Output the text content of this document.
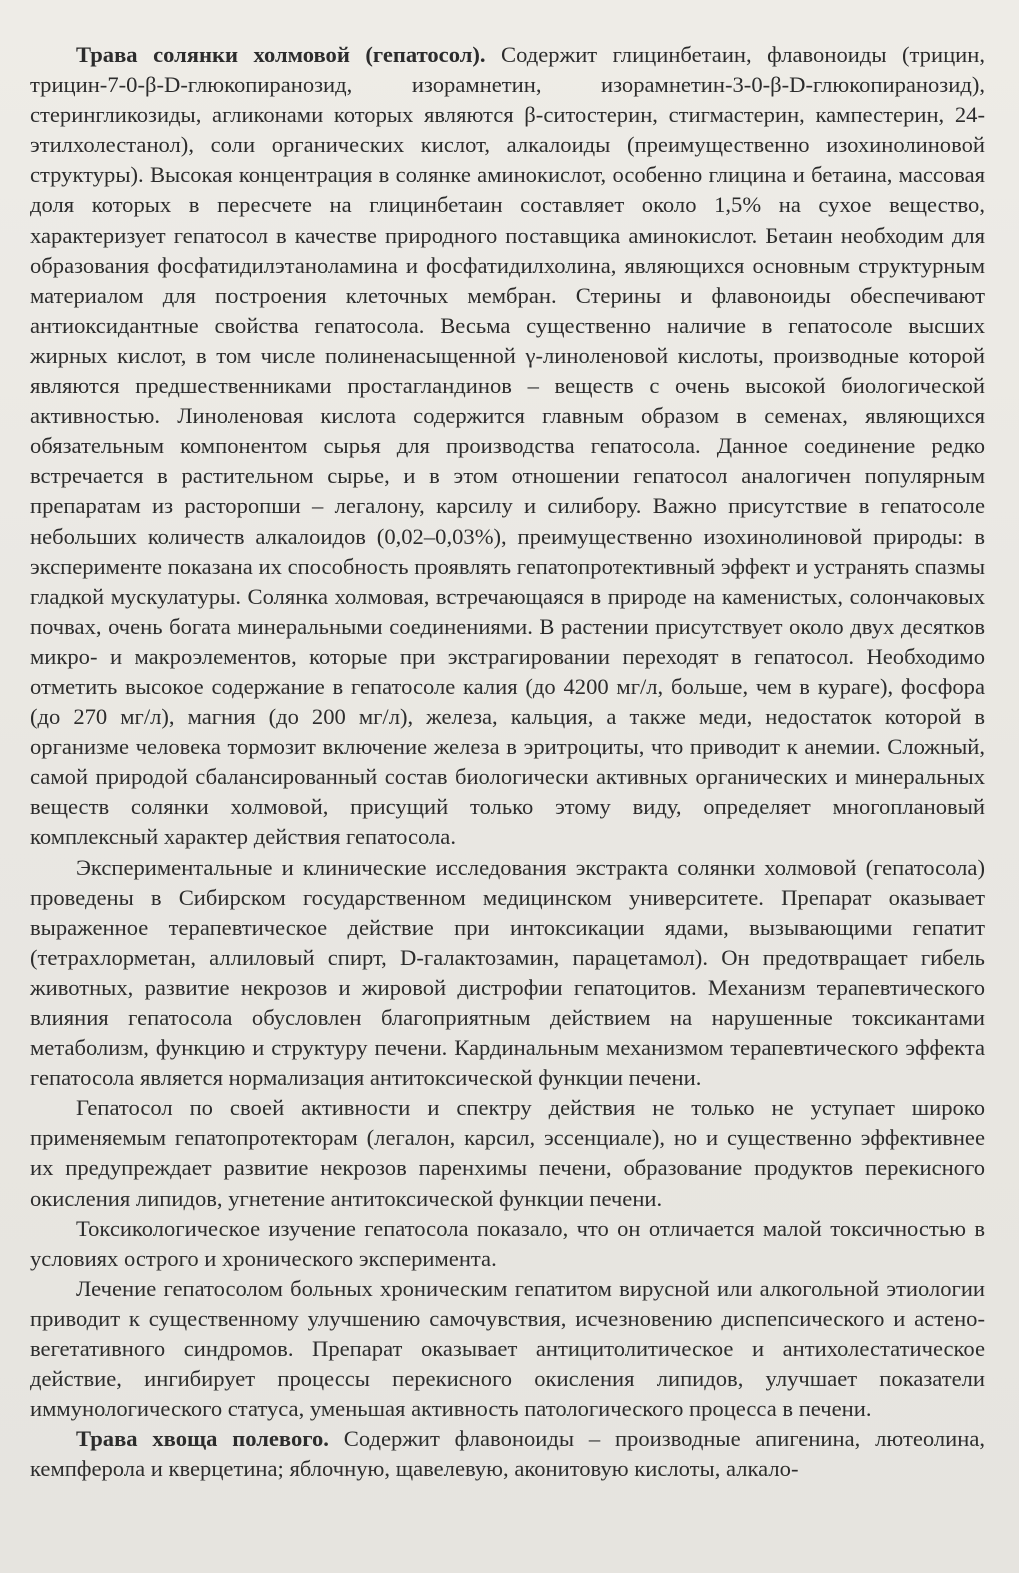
Трава солянки холмовой (гепатосол). Содержит глицинбетаин, флавоноиды (трицин, трицин-7-0-β-D-глюкопиранозид, изорамнетин, изорамнетин-3-0-β-D-глюкопиранозид), стерингликозиды, агликонами которых являются β-ситостерин, стигмастерин, кампестерин, 24-этилхолестанол), соли органических кислот, алкалоиды (преимущественно изохинолиновой структуры). Высокая концентрация в солянке аминокислот, особенно глицина и бетаина, массовая доля которых в пересчете на глицинбетаин составляет около 1,5% на сухое вещество, характеризует гепатосол в качестве природного поставщика аминокислот. Бетаин необходим для образования фосфатидилэтаноламина и фосфатидилхолина, являющихся основным структурным материалом для построения клеточных мембран. Стерины и флавоноиды обеспечивают антиоксидантные свойства гепатосола. Весьма существенно наличие в гепатосоле высших жирных кислот, в том числе полиненасыщенной γ-линоленовой кислоты, производные которой являются предшественниками простагландинов – веществ с очень высокой биологической активностью. Линоленовая кислота содержится главным образом в семенах, являющихся обязательным компонентом сырья для производства гепатосола. Данное соединение редко встречается в растительном сырье, и в этом отношении гепатосол аналогичен популярным препаратам из расторопши – легалону, карсилу и силибору. Важно присутствие в гепатосоле небольших количеств алкалоидов (0,02–0,03%), преимущественно изохинолиновой природы: в эксперименте показана их способность проявлять гепатопротективный эффект и устранять спазмы гладкой мускулатуры. Солянка холмовая, встречающаяся в природе на каменистых, солончаковых почвах, очень богата минеральными соединениями. В растении присутствует около двух десятков микро- и макроэлементов, которые при экстрагировании переходят в гепатосол. Необходимо отметить высокое содержание в гепатосоле калия (до 4200 мг/л, больше, чем в кураге), фосфора (до 270 мг/л), магния (до 200 мг/л), железа, кальция, а также меди, недостаток которой в организме человека тормозит включение железа в эритроциты, что приводит к анемии. Сложный, самой природой сбалансированный состав биологически активных органических и минеральных веществ солянки холмовой, присущий только этому виду, определяет многоплановый комплексный характер действия гепатосола.

Экспериментальные и клинические исследования экстракта солянки холмовой (гепатосола) проведены в Сибирском государственном медицинском университете. Препарат оказывает выраженное терапевтическое действие при интоксикации ядами, вызывающими гепатит (тетрахлорметан, аллиловый спирт, D-галактозамин, парацетамол). Он предотвращает гибель животных, развитие некрозов и жировой дистрофии гепатоцитов. Механизм терапевтического влияния гепатосола обусловлен благоприятным действием на нарушенные токсикантами метаболизм, функцию и структуру печени. Кардинальным механизмом терапевтического эффекта гепатосола является нормализация антитоксической функции печени.

Гепатосол по своей активности и спектру действия не только не уступает широко применяемым гепатопротекторам (легалон, карсил, эссенциале), но и существенно эффективнее их предупреждает развитие некрозов паренхимы печени, образование продуктов перекисного окисления липидов, угнетение антитоксической функции печени.

Токсикологическое изучение гепатосола показало, что он отличается малой токсичностью в условиях острого и хронического эксперимента.

Лечение гепатосолом больных хроническим гепатитом вирусной или алкогольной этиологии приводит к существенному улучшению самочувствия, исчезновению диспепсического и астено-вегетативного синдромов. Препарат оказывает антицитолитическое и антихолестатическое действие, ингибирует процессы перекисного окисления липидов, улучшает показатели иммунологического статуса, уменьшая активность патологического процесса в печени.

Трава хвоща полевого. Содержит флавоноиды – производные апигенина, лютеолина, кемпферола и кверцетина; яблочную, щавелевую, аконитовую кислоты, алкало-
